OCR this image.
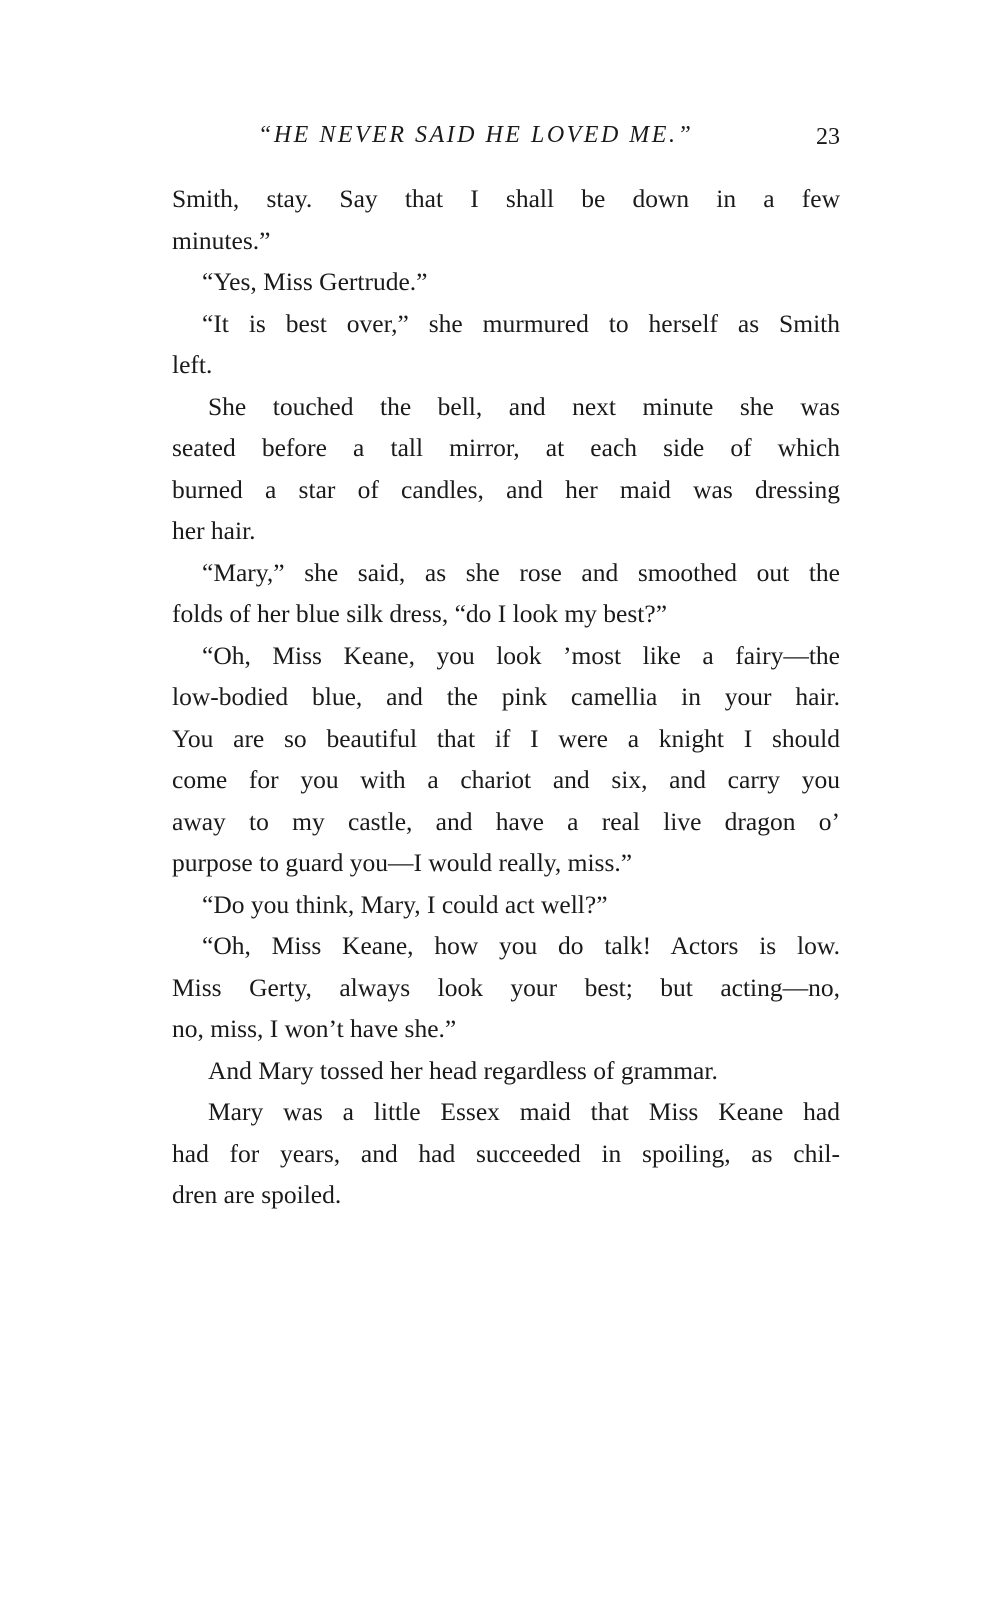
“HE NEVER SAID HE LOVED ME.”	23
Smith, stay. Say that I shall be down in a few
minutes.”
“Yes, Miss Gertrude.”
“It is best over,” she murmured to herself as Smith
left.
She touched the bell, and next minute she was
seated before a tall mirror, at each side of which
burned a star of candles, and her maid was dressing
her hair.
“Mary,” she said, as she rose and smoothed out the
folds of her blue silk dress, “do I look my best?”
“Oh, Miss Keane, you look ’most like a fairy—the
low-bodied blue, and the pink camellia in your hair.
You are so beautiful that if I were a knight I should
come for you with a chariot and six, and carry you
away to my castle, and have a real live dragon o’
purpose to guard you—I would really, miss.”
“Do you think, Mary, I could act well?”
“Oh, Miss Keane, how you do talk! Actors is low.
Miss Gerty, always look your best; but acting—no,
no, miss, I won’t have she.”
And Mary tossed her head regardless of grammar.
Mary was a little Essex maid that Miss Keane had
had for years, and had succeeded in spoiling, as chil-
dren are spoiled.
